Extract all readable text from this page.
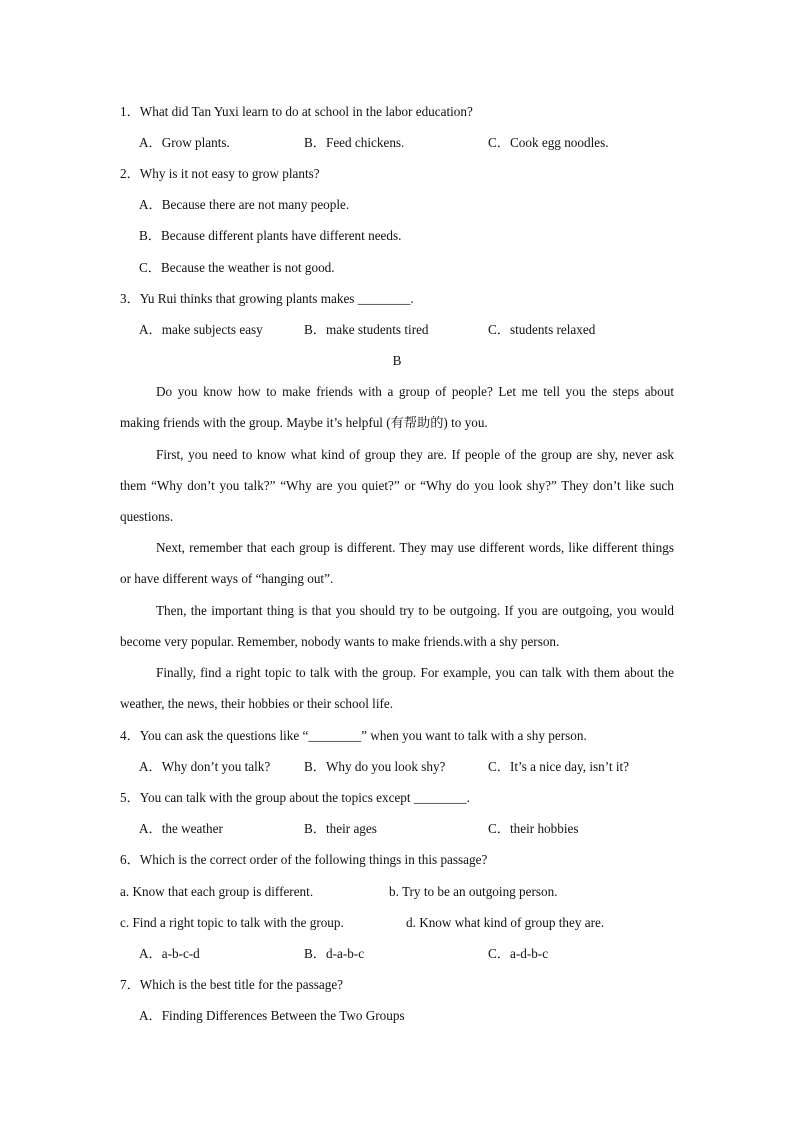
1．What did Tan Yuxi learn to do at school in the labor education?
A．Grow plants.	B．Feed chickens.	C．Cook egg noodles.
2．Why is it not easy to grow plants?
A．Because there are not many people.
B．Because different plants have different needs.
C．Because the weather is not good.
3．Yu Rui thinks that growing plants makes ________.
A．make subjects easy	B．make students tired	C．students relaxed
B
Do you know how to make friends with a group of people? Let me tell you the steps about making friends with the group. Maybe it’s helpful (有帮助的) to you.
First, you need to know what kind of group they are. If people of the group are shy, never ask them “Why don’t you talk?” “Why are you quiet?” or “Why do you look shy?” They don’t like such questions.
Next, remember that each group is different. They may use different words, like different things or have different ways of “hanging out”.
Then, the important thing is that you should try to be outgoing. If you are outgoing, you would become very popular. Remember, nobody wants to make friends.with a shy person.
Finally, find a right topic to talk with the group. For example, you can talk with them about the weather, the news, their hobbies or their school life.
4．You can ask the questions like “________” when you want to talk with a shy person.
A．Why don’t you talk?	B．Why do you look shy?	C．It’s a nice day, isn’t it?
5．You can talk with the group about the topics except ________.
A．the weather	B．their ages	C．their hobbies
6．Which is the correct order of the following things in this passage?
a. Know that each group is different.	b. Try to be an outgoing person.
c. Find a right topic to talk with the group.	d. Know what kind of group they are.
A．a-b-c-d	B．d-a-b-c	C．a-d-b-c
7．Which is the best title for the passage?
A．Finding Differences Between the Two Groups
